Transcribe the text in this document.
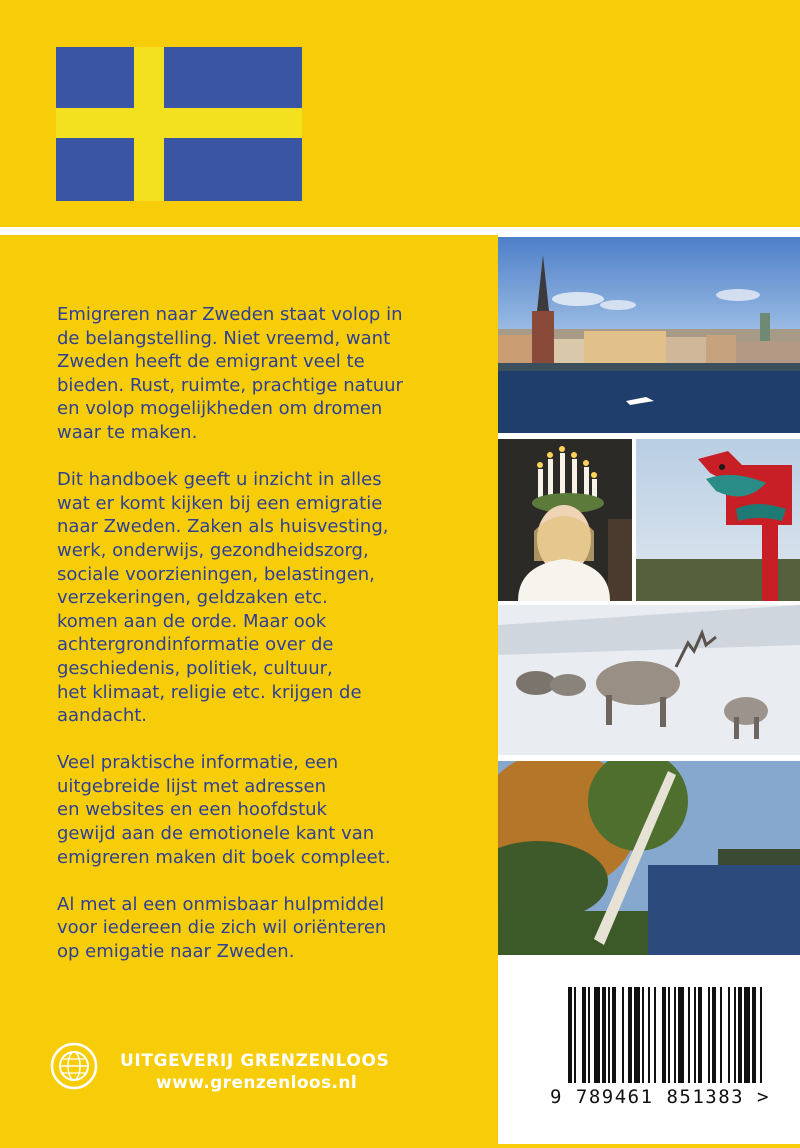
Emigreren naar Zweden staat volop in
de belangstelling. Niet vreemd, want
Zweden heeft de emigrant veel te
bieden. Rust, ruimte, prachtige natuur
en volop mogelijkheden om dromen
waar te maken.

Dit handboek geeft u inzicht in alles
wat er komt kijken bij een emigratie
naar Zweden. Zaken als huisvesting,
werk, onderwijs, gezondheidszorg,
sociale voorzieningen, belastingen,
verzekeringen, geldzaken etc.
komen aan de orde. Maar ook
achtergrondinformatie over de
geschiedenis, politiek, cultuur,
het klimaat, religie etc. krijgen de
aandacht.

Veel praktische informatie, een
uitgebreide lijst met adressen
en websites en een hoofdstuk
gewijd aan de emotionele kant van
emigreren maken dit boek compleet.

Al met al een onmisbaar hulpmiddel
voor iedereen die zich wil oriënteren
op emigatie naar Zweden.

9 789461 851383 >
UITGEVERIJ GRENZENLOOS
www.grenzenloos.nl
